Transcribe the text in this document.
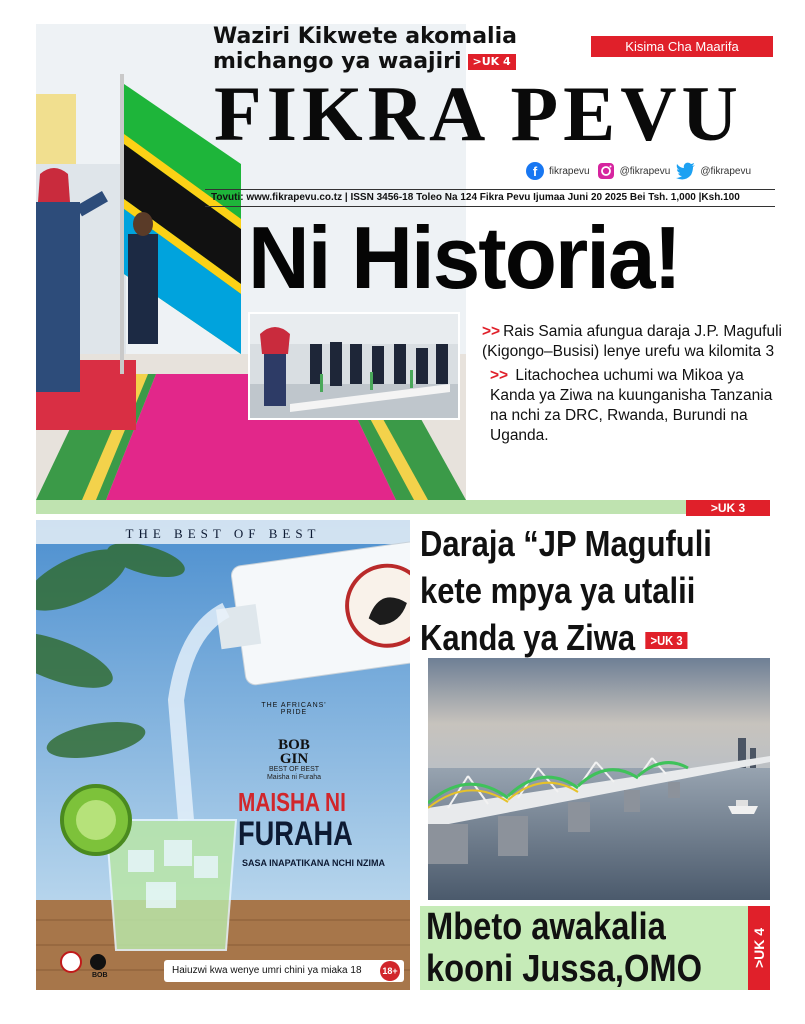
Waziri Kikwete akomalia
michango ya waajiri >UK 4
Kisima Cha Maarifa
FIKRA PEVU
f fikrapevu	@fikrapevu	@fikrapevu
Tovuti: www.fikrapevu.co.tz | ISSN 3456-18 Toleo Na 124 Fikra Pevu Ijumaa Juni 20 2025 Bei Tsh. 1,000 |Ksh.100
Ni Historia!
>> Rais Samia afungua daraja J.P. Magufuli (Kigongo–Busisi) lenye urefu wa kilomita 3
>> Litachochea uchumi wa Mikoa ya Kanda ya Ziwa na kuunganisha Tanzania na nchi za DRC, Rwanda, Burundi na Uganda.
>UK 3
THE BEST OF BEST
THE AFRICANS' PRIDE
BOB
GIN
BEST OF BEST
Maisha ni Furaha
MAISHA NI
FURAHA
SASA INAPATIKANA NCHI NZIMA
BOB	Haiuzwi kwa wenye umri chini ya miaka 18 18+
Daraja “JP Magufuli
kete mpya ya utalii
Kanda ya Ziwa >UK 3
Mbeto awakalia
kooni Jussa,OMO	>UK 4
